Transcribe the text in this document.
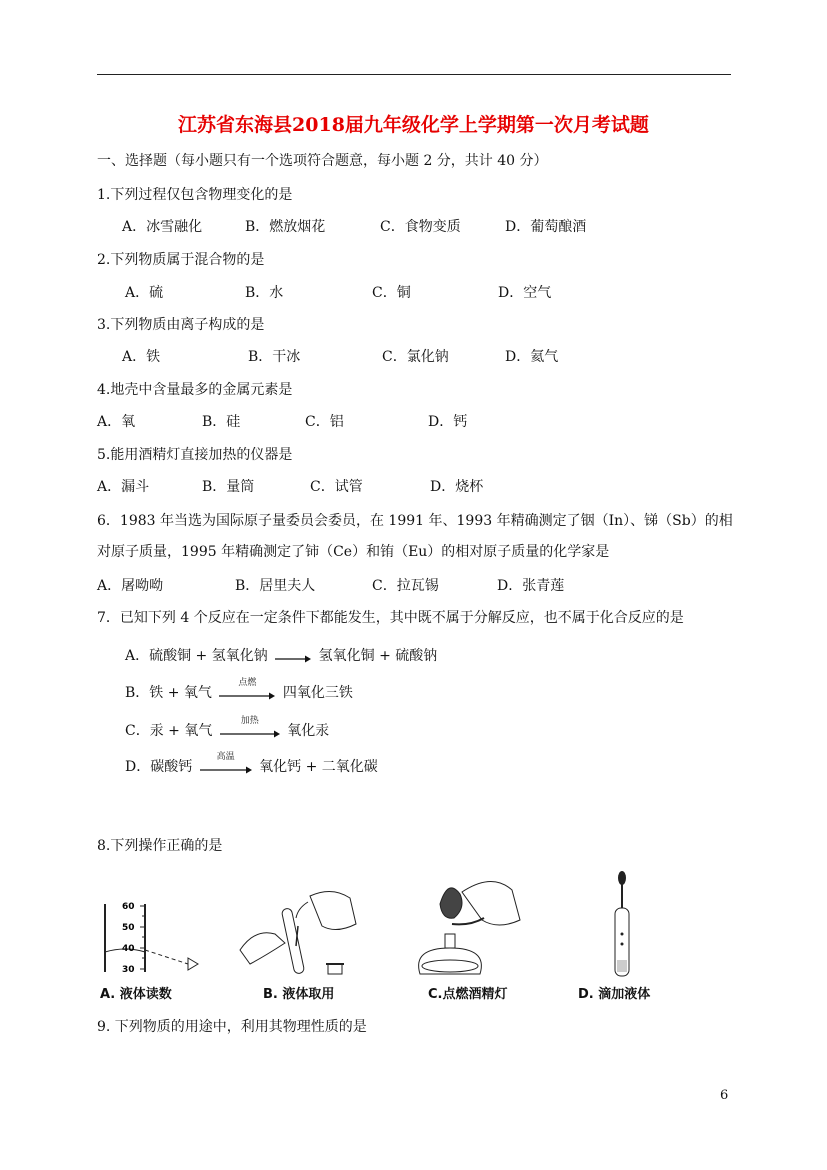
江苏省东海县2018届九年级化学上学期第一次月考试题
一、选择题（每小题只有一个选项符合题意，每小题 2 分，共计 40 分）
1.下列过程仅包含物理变化的是
A．冰雪融化	B．燃放烟花	C．食物变质	D．葡萄酿酒
2.下列物质属于混合物的是
A．硫	B．水	C．铜	D．空气
3.下列物质由离子构成的是
A．铁	B．干冰	C．氯化钠	D．氦气
4.地壳中含量最多的金属元素是
A．氧	B．硅	C．铝	D．钙
5.能用酒精灯直接加热的仪器是
A．漏斗	B．量筒	C．试管	D．烧杯
6．1983 年当选为国际原子量委员会委员，在 1991 年、1993 年精确测定了铟（In）、锑（Sb）的相
对原子质量，1995 年精确测定了铈（Ce）和铕（Eu）的相对原子质量的化学家是
A．屠呦呦	B．居里夫人	C．拉瓦锡	D．张青莲
7．已知下列 4 个反应在一定条件下都能发生，其中既不属于分解反应，也不属于化合反应的是
A．硫酸铜 + 氢氧化钠 → 氢氧化铜 + 硫酸钠
B．铁 + 氧气
点燃
四氧化三铁
C．汞 + 氧气
加热
氧化汞
D．碳酸钙
高温
氧化钙 + 二氧化碳
8.下列操作正确的是
60
50
40
30
A. 液体读数	B. 液体取用	C.点燃酒精灯	D. 滴加液体
9. 下列物质的用途中，利用其物理性质的是
6
